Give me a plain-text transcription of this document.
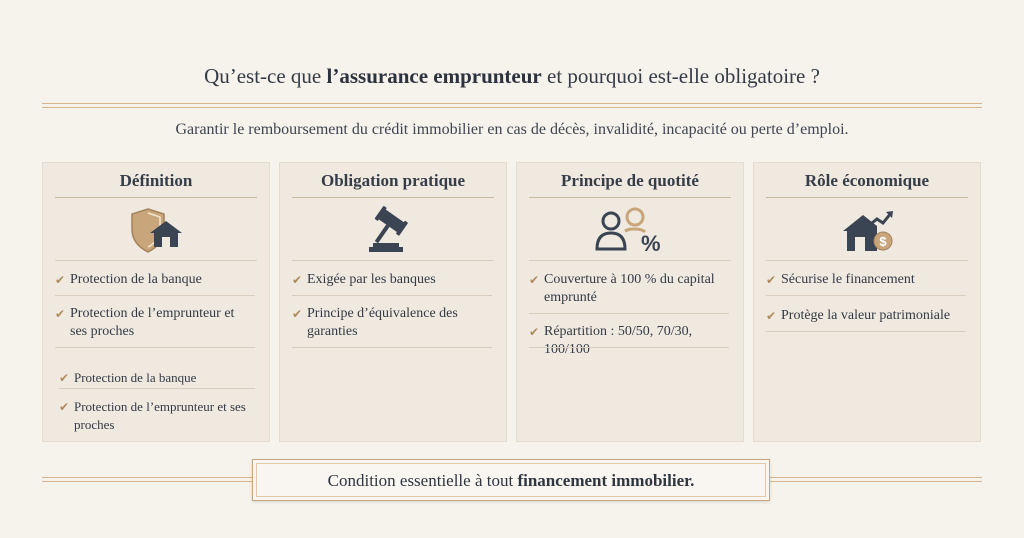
Qu’est-ce que l’assurance emprunteur et pourquoi est-elle obligatoire ?
Garantir le remboursement du crédit immobilier en cas de décès, invalidité, incapacité ou perte d’emploi.
Définition
✔ Protection de la banque
✔ Protection de l’emprunteur et ses proches
✔ Protection de la banque
✔ Protection de l’emprunteur et ses proches
Obligation pratique
✔ Exigée par les banques
✔ Principe d’équivalence des garanties
Principe de quotité
%
✔ Couverture à 100 % du capital emprunté
✔ Répartition : 50/50, 70/30, 100/100
Rôle économique
$
✔ Sécurise le financement
✔ Protège la valeur patrimoniale
Condition essentielle à tout financement immobilier.
